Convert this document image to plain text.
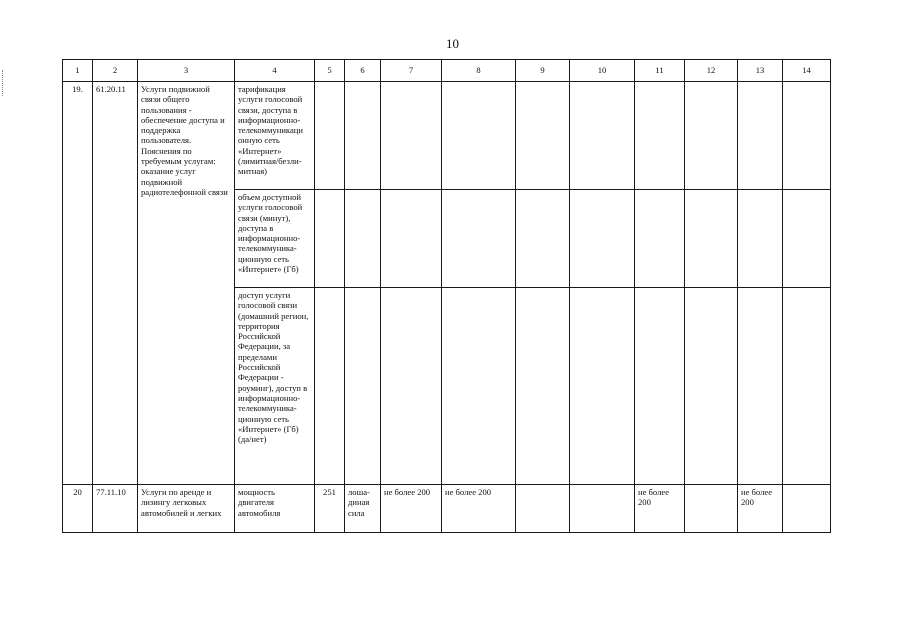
10
1	2	3	4	5	6	7	8	9	10	11	12	13	14
19.	61.20.11	Услуги подвижной связи общего пользования - обеспечение доступа и поддержка пользователя. Пояснения по требуемым услугам: оказание услуг подвижной радиотелефонной связи	тарификация услуги голосовой связи, доступа в информационно-телекоммуникаци онную сеть «Интернет» (лимитная/безли-митная)										
			объем доступной услуги голосовой связи (минут), доступа в информационно-телекоммуника-ционную сеть «Интернет» (Гб)										
			доступ услуги голосовой связи (домашний регион, территория Российской Федерации, за пределами Российской Федерации - роуминг), доступ в информационно-телекоммуника-ционную сеть «Интернет» (Гб) (да/нет)										
20	77.11.10	Услуги по аренде и лизингу легковых автомобилей и легких	мощность двигателя автомобиля	251	лоша-диная сила	не более 200	не более 200			не более 200		не более 200	
